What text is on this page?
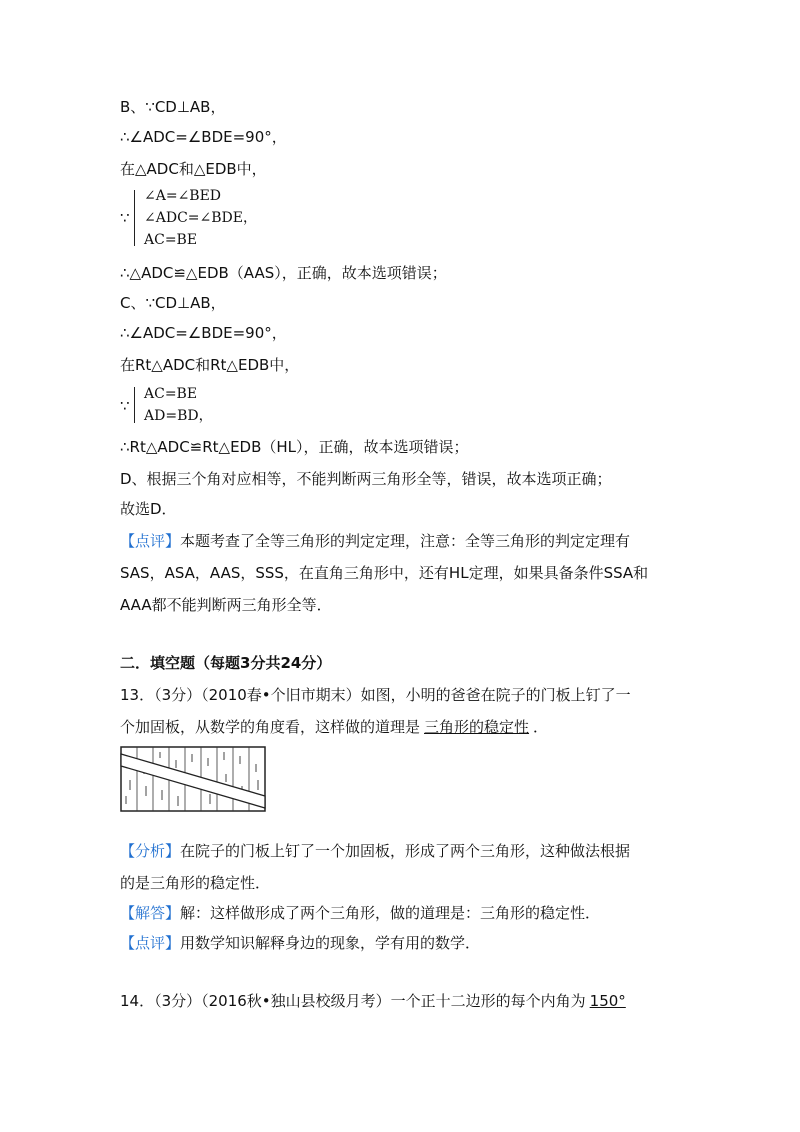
B、∵CD⊥AB，
∴∠ADC=∠BDE=90°，
在△ADC和△EDB中，
∵
∠A=∠BED
∠ADC=∠BDE，
AC=BE
∴△ADC≌△EDB（AAS），正确，故本选项错误；
C、∵CD⊥AB，
∴∠ADC=∠BDE=90°，
在Rt△ADC和Rt△EDB中，
∵
AC=BE
AD=BD，
∴Rt△ADC≌Rt△EDB（HL），正确，故本选项错误；
D、根据三个角对应相等，不能判断两三角形全等，错误，故本选项正确；
故选D．
【点评】本题考查了全等三角形的判定定理，注意：全等三角形的判定定理有
SAS，ASA，AAS，SSS，在直角三角形中，还有HL定理，如果具备条件SSA和
AAA都不能判断两三角形全等．
二．填空题（每题3分共24分）
13．（3分）（2010春•个旧市期末）如图，小明的爸爸在院子的门板上钉了一
个加固板，从数学的角度看，这样做的道理是 三角形的稳定性 ．
【分析】在院子的门板上钉了一个加固板，形成了两个三角形，这种做法根据
的是三角形的稳定性．
【解答】解：这样做形成了两个三角形，做的道理是：三角形的稳定性．
【点评】用数学知识解释身边的现象，学有用的数学．
14．（3分）（2016秋•独山县校级月考）一个正十二边形的每个内角为 150°
